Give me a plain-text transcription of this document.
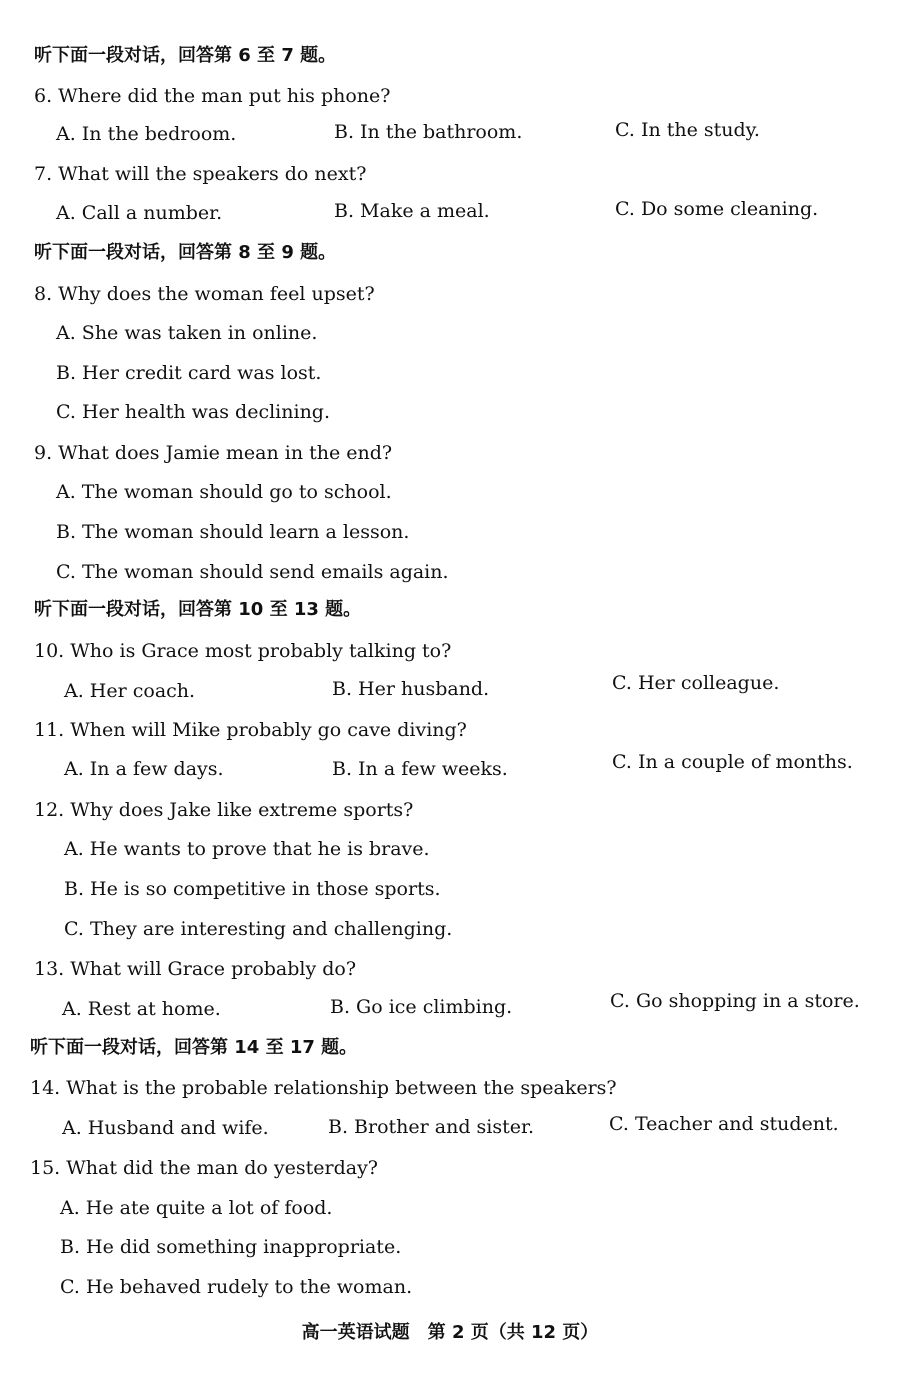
听下面一段对话，回答第 6 至 7 题。
6. Where did the man put his phone?
A. In the bedroom.	B. In the bathroom.	C. In the study.
7. What will the speakers do next?
A. Call a number.	B. Make a meal.	C. Do some cleaning.
听下面一段对话，回答第 8 至 9 题。
8. Why does the woman feel upset?
A. She was taken in online.
B. Her credit card was lost.
C. Her health was declining.
9. What does Jamie mean in the end?
A. The woman should go to school.
B. The woman should learn a lesson.
C. The woman should send emails again.
听下面一段对话，回答第 10 至 13 题。
10. Who is Grace most probably talking to?
A. Her coach.	B. Her husband.	C. Her colleague.
11. When will Mike probably go cave diving?
A. In a few days.	B. In a few weeks.	C. In a couple of months.
12. Why does Jake like extreme sports?
A. He wants to prove that he is brave.
B. He is so competitive in those sports.
C. They are interesting and challenging.
13. What will Grace probably do?
A. Rest at home.	B. Go ice climbing.	C. Go shopping in a store.
听下面一段对话，回答第 14 至 17 题。
14. What is the probable relationship between the speakers?
A. Husband and wife.	B. Brother and sister.	C. Teacher and student.
15. What did the man do yesterday?
A. He ate quite a lot of food.
B. He did something inappropriate.
C. He behaved rudely to the woman.
高一英语试题　第 2 页（共 12 页）
